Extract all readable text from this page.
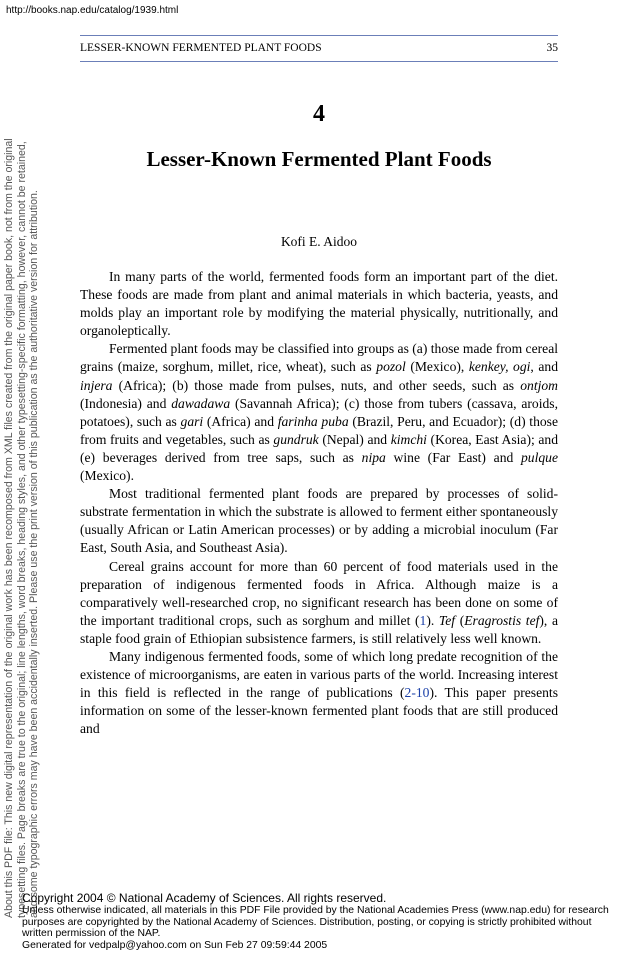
http://books.nap.edu/catalog/1939.html
LESSER-KNOWN FERMENTED PLANT FOODS	35
About this PDF file: This new digital representation of the original work has been recomposed from XML files created from the original paper book, not from the original typesetting files. Page breaks are true to the original; line lengths, word breaks, heading styles, and other typesetting-specific formatting, however, cannot be retained, and some typographic errors may have been accidentally inserted. Please use the print version of this publication as the authoritative version for attribution.
4
Lesser-Known Fermented Plant Foods
Kofi E. Aidoo

In many parts of the world, fermented foods form an important part of the diet. These foods are made from plant and animal materials in which bacteria, yeasts, and molds play an important role by modifying the material physically, nutritionally, and organoleptically.

Fermented plant foods may be classified into groups as (a) those made from cereal grains (maize, sorghum, millet, rice, wheat), such as pozol (Mexico), kenkey, ogi, and injera (Africa); (b) those made from pulses, nuts, and other seeds, such as ontjom (Indonesia) and dawadawa (Savannah Africa); (c) those from tubers (cassava, aroids, potatoes), such as gari (Africa) and farinha puba (Brazil, Peru, and Ecuador); (d) those from fruits and vegetables, such as gundruk (Nepal) and kimchi (Korea, East Asia); and (e) beverages derived from tree saps, such as nipa wine (Far East) and pulque (Mexico).

Most traditional fermented plant foods are prepared by processes of solid-substrate fermentation in which the substrate is allowed to ferment either spontaneously (usually African or Latin American processes) or by adding a microbial inoculum (Far East, South Asia, and Southeast Asia).

Cereal grains account for more than 60 percent of food materials used in the preparation of indigenous fermented foods in Africa. Although maize is a comparatively well-researched crop, no significant research has been done on some of the important traditional crops, such as sorghum and millet (1). Tef (Eragrostis tef), a staple food grain of Ethiopian subsistence farmers, is still relatively less well known.

Many indigenous fermented foods, some of which long predate recognition of the existence of microorganisms, are eaten in various parts of the world. Increasing interest in this field is reflected in the range of publications (2-10). This paper presents information on some of the lesser-known fermented plant foods that are still produced and

Copyright 2004 © National Academy of Sciences. All rights reserved.
Unless otherwise indicated, all materials in this PDF File provided by the National Academies Press (www.nap.edu) for research purposes are copyrighted by the National Academy of Sciences. Distribution, posting, or copying is strictly prohibited without written permission of the NAP.
Generated for vedpalp@yahoo.com on Sun Feb 27 09:59:44 2005
